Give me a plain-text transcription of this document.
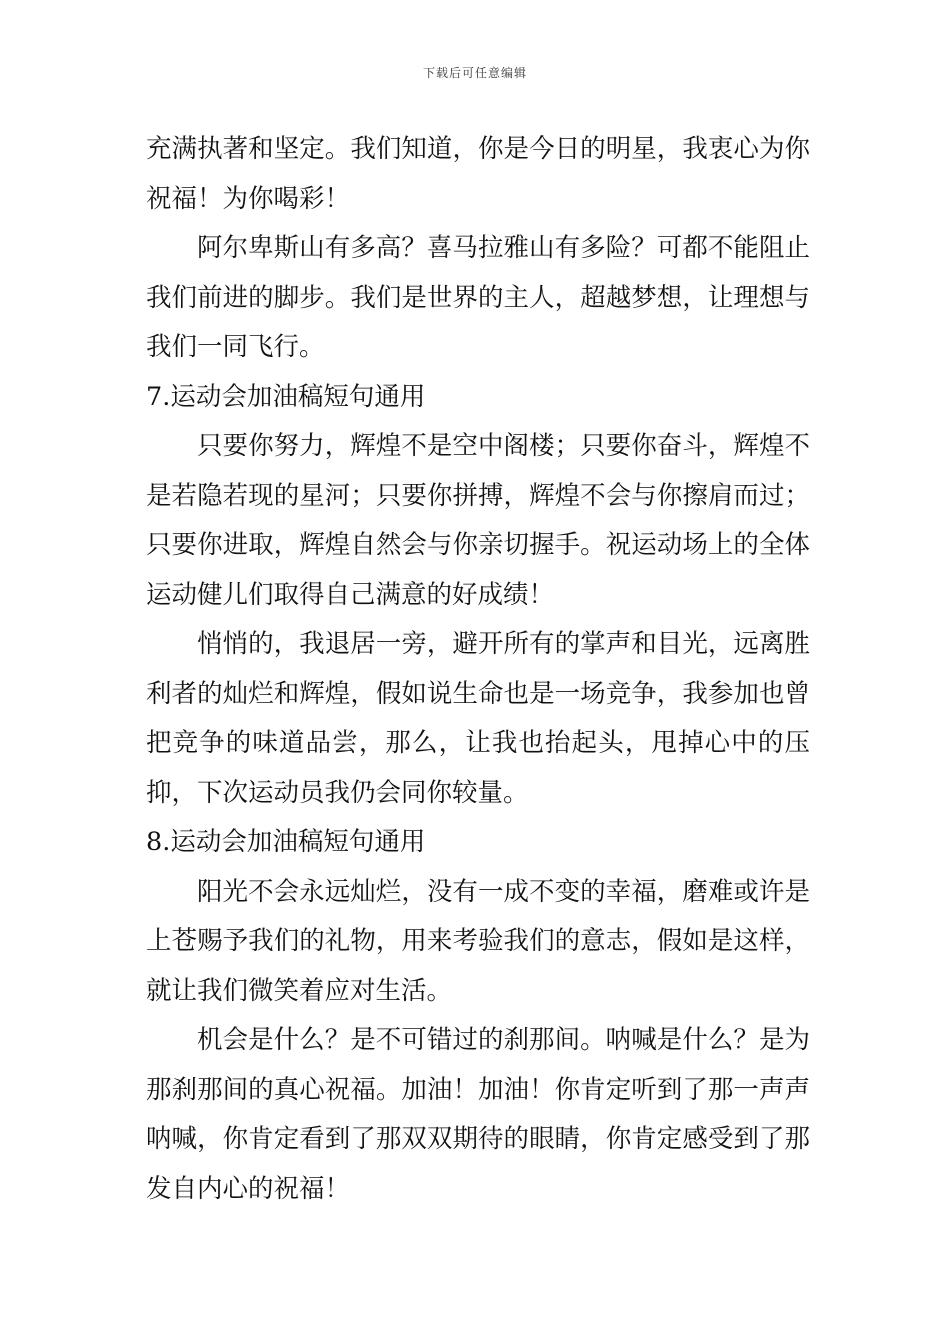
下载后可任意编辑

充满执著和坚定。我们知道，你是今日的明星，我衷心为你祝福！为你喝彩！

阿尔卑斯山有多高？喜马拉雅山有多险？可都不能阻止我们前进的脚步。我们是世界的主人，超越梦想，让理想与我们一同飞行。

7.运动会加油稿短句通用

只要你努力，辉煌不是空中阁楼；只要你奋斗，辉煌不是若隐若现的星河；只要你拼搏，辉煌不会与你擦肩而过；只要你进取，辉煌自然会与你亲切握手。祝运动场上的全体运动健儿们取得自己满意的好成绩！

悄悄的，我退居一旁，避开所有的掌声和目光，远离胜利者的灿烂和辉煌，假如说生命也是一场竞争，我参加也曾把竞争的味道品尝，那么，让我也抬起头，甩掉心中的压抑，下次运动员我仍会同你较量。

8.运动会加油稿短句通用

阳光不会永远灿烂，没有一成不变的幸福，磨难或许是上苍赐予我们的礼物，用来考验我们的意志，假如是这样，就让我们微笑着应对生活。

机会是什么？是不可错过的刹那间。呐喊是什么？是为那刹那间的真心祝福。加油！加油！你肯定听到了那一声声呐喊，你肯定看到了那双双期待的眼睛，你肯定感受到了那发自内心的祝福！
